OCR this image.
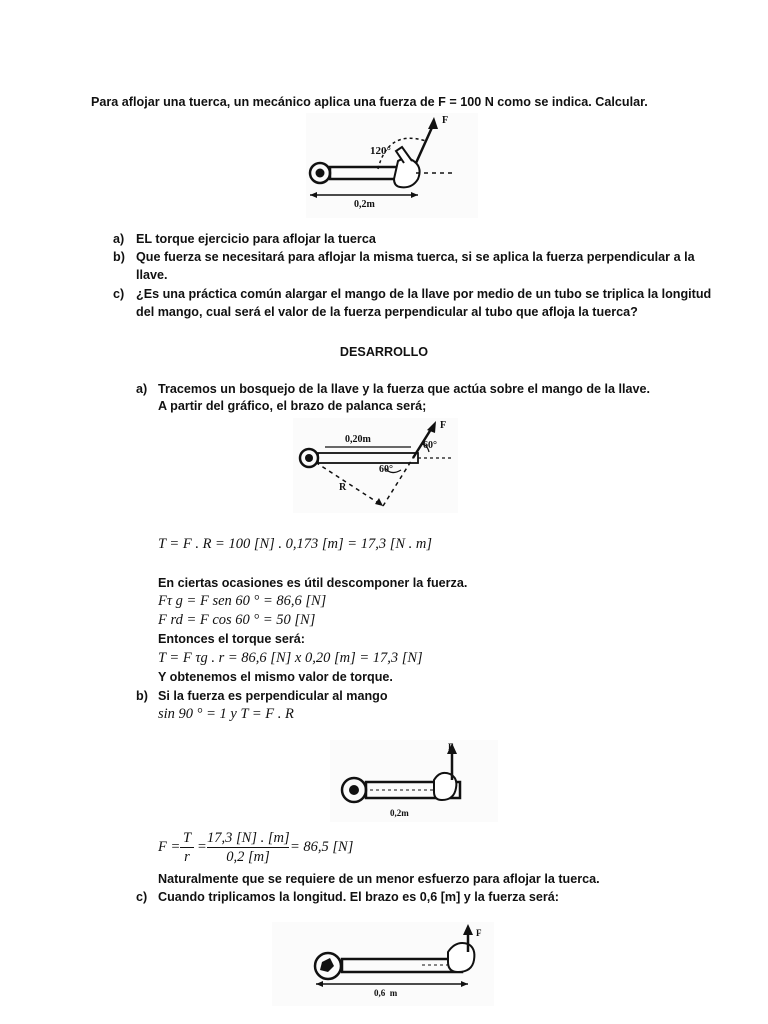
Para aflojar una tuerca, un mecánico aplica una fuerza de F = 100 N como se indica. Calcular.
120°
0,2m
F
a) EL torque ejercicio para aflojar la tuerca
b) Que fuerza se necesitará para aflojar la misma tuerca, si se aplica la fuerza perpendicular a la
llave.
c) ¿Es una práctica común alargar el mango de la llave por medio de un tubo se triplica la longitud
del mango, cual será el valor de la fuerza perpendicular al tubo que afloja la tuerca?
DESARROLLO
a) Tracemos un bosquejo de la llave y la fuerza que actúa sobre el mango de la llave.
A partir del gráfico, el brazo de palanca será;
0,20m
60°
60°
R
F
T = F . R = 100 [N] . 0,173 [m] = 17,3 [N . m]
En ciertas ocasiones es útil descomponer la fuerza.
Fτ g = F sen 60 ° = 86,6 [N]
F rd = F cos 60 ° = 50 [N]
Entonces el torque será:
T = F τg . r = 86,6 [N] x 0,20 [m] = 17,3 [N]
Y obtenemos el mismo valor de torque.
b) Si la fuerza es perpendicular al mango
sin 90 ° = 1 y T = F . R
0,2m
F
F =
T
r
=
17,3 [N] . [m]
0,2 [m]
= 86,5 [N]
Naturalmente que se requiere de un menor esfuerzo para aflojar la tuerca.
c) Cuando triplicamos la longitud. El brazo es 0,6 [m] y la fuerza será:
0,6  m
F
